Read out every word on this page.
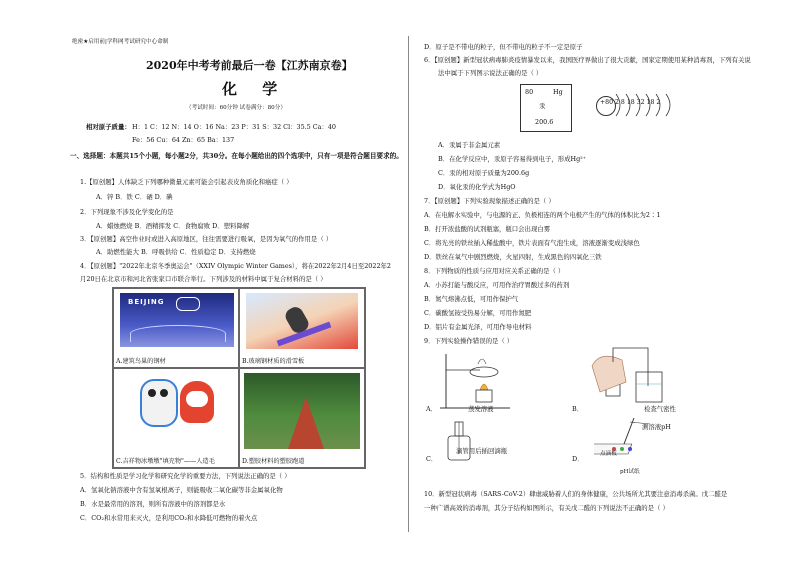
绝密★启用前|学科网考试研究中心命制
2020年中考考前最后一卷【江苏南京卷】
化 学
（考试时间：60分钟 试卷满分：80分）
相对原子质量： H：1 C：12 N：14 O：16 Na：23 P：31 S：32 Cl：35.5 Ca：40
Fe：56 Cu：64 Zn：65 Ba：137
一、选择题：本题共15个小题，每小题2分，共30分。在每小题给出的四个选项中，只有一项是符合题目要求的。
1.【原创题】人体缺乏下列哪种微量元素可能会引起表皮角质化和癌症（ ）
A．锌 B．铁 C．硒 D．碘
2．下列现象不涉及化学变化的是
A．蜡烛燃烧 B．酒精挥发 C．食物腐败 D．塑料降解
3．【原创题】高空作业时或进入高原地区，往往需要进行吸氧，是因为氧气的作用是（ ）
A．助燃性能大 B．呼吸供给 C．性质稳定 D．支持燃烧
4．【原创题】"2022年北京冬季奥运会"（XXIV Olympic Winter Games），将在2022年2月4日至2022年2
月20日在北京市和河北省张家口市联合举行。下列涉及的材料中属于复合材料的是（ ）
BEIJING
A.建筑鸟巢的钢材	B.玻璃钢材质的滑雪板
C.吉祥物冰墩墩"填充物"——人造毛	D.塑胶材料的塑胶跑道
5．结构和性质是学习化学和研究化学的重要方法，下列说法正确的是（ ）
A．氢氧化钠溶液中含有氢氧根离子，则能吸收二氧化碳等非金属氧化物
B．水是最常用的溶剂，则所有溶液中的溶剂都是水
C．CO₂和水常用来灭火，是利用CO₂和水降低可燃物的着火点
D．原子是不带电的粒子，但不带电的粒子不一定是原子
6．【原创题】新型冠状病毒肺炎疫情暴发以来，我国医疗界做出了很大贡献，国家定期使用某种消毒剂，下列有关说
法中属于下列图示说法正确的是（ ）
80	Hg
汞
200.6
+80 2 8 18 32 18 2
A．汞属于非金属元素
B．在化学反应中，汞原子容易得到电子，形成Hg²⁺
C．汞的相对原子质量为200.6g
D．氧化汞的化学式为HgO
7．【原创题】下列实验现象描述正确的是（ ）
A．在电解水实验中，与电源的正、负极相连的两个电极产生的气体的体积比为2∶1
B．打开浓盐酸的试剂瓶塞，瓶口会出现白雾
C．将光亮的铁丝插入稀盐酸中，铁片表面有气泡生成，溶液逐渐变成浅绿色
D．铁丝在氧气中剧烈燃烧，火星四射，生成黑色的四氧化三铁
8．下列物质的性质与应用对应关系正确的是（ ）
A．小苏打能与酸反应，可用作治疗胃酸过多的药剂
B．氮气熔沸点低，可用作保护气
C．碳酸氢铵受热易分解，可用作氮肥
D．铝片有金属光泽，可用作导电材料
9．下列实验操作错误的是（ ）
A．	蒸发溶液	B．	检查气密性
C．
滴管用后插回滴瓶
D．
测溶液pH
点滴板
pH试纸
10．新型冠状病毒（SARS-CoV-2）肆虐威胁着人们的身体健康，公共场所尤其要注意消毒杀菌。戊二醛是
一种广谱高效的消毒剂，其分子结构如图所示，有关戊二醛的下列说法不正确的是（ ）
